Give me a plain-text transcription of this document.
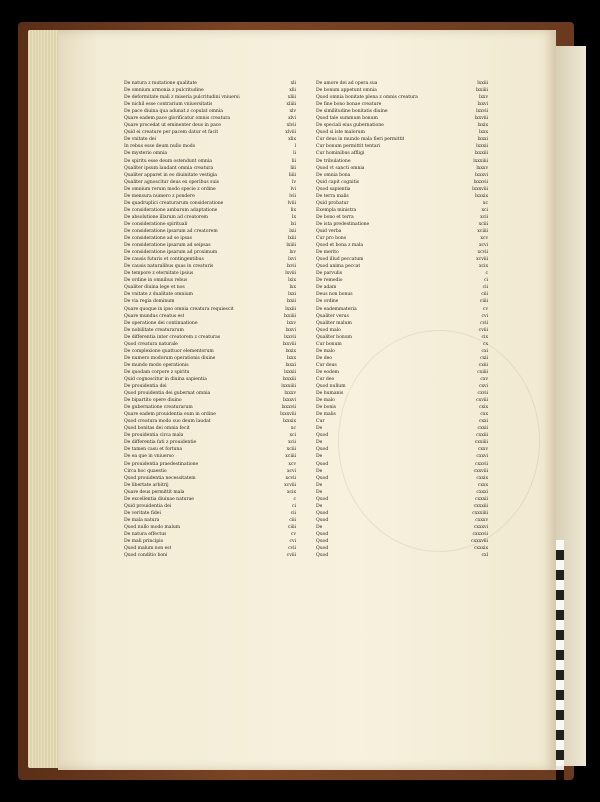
De natura z mutatione qualitate	xli
De omnium armonia z pulcritudine	xlii
De deformitate mali z miseria pulcritudini vniuersi	xliii
De nichil esse contrarium vniuersitatis	xliiii
De pace diuina qua adunat z copulat omnia	xlv
Quare eadem pace glorificatur omnis creatura	xlvi
Quare procedat ut eminenter deus in pace	xlvii
Quid ei creature per pacem datur et facit	xlviii
De vnitate dei	xlix
In rebus esse deum nullo modo	l
De mysterio omnia	li
De spiritu esse deum ostendunt omnia	lii
Qualiter ipsum laudant omnia creatura	liii
Qualiter apparet in eo diuinitate vestigia	liiii
Qualiter agnoscitur deus ex operibus suis	lv
De omnium rerum modo specie z ordine	lvi
De mensura numero z pondere	lvii
De quadruplici creaturarum consideratione	lviii
De consideratione ambarum adaptatione	lix
De absolutione illarum ad creatorem	lx
De consideratione spirituali	lxi
De consideratione ipsarum ad creatorem	lxii
De consideratione ad se ipsas	lxiii
De consideratione ipsarum ad seipsas	lxiiii
De consideratione ipsarum ad proximum	lxv
De causis futuris et contingentibus	lxvi
De causis naturalibus quas in creaturis	lxvii
De tempore z eternitate ipsius	lxviii
De ordine in omnibus rebus	lxix
Qualiter diuina lege et nos	lxx
De vnitate z dualitate omnium	lxxi
De via regia dominum	lxxii
Quare quoque in ipso omnia creatura requiescit	lxxiii
Quare mundus creatus est	lxxiiii
De operatione dei continuatione	lxxv
De nobilitate creaturarum	lxxvi
De differentia inter creatorem z creaturas	lxxvii
Quod creatura naturale	lxxviii
De complexione quattuor elementorum	lxxix
De numero modorum operationis diuine	lxxx
De mundo modo operationis	lxxxi
De quodam corpore z spiritu	lxxxii
Quid cognoscitur in diuina sapientia	lxxxiii
De prouidentia dei	lxxxiiii
Quod prouidentia dei gubernat omnia	lxxxv
De bipartito opere diuino	lxxxvi
De gubernatione creaturarum	lxxxvii
Quare eadem prouidentia eum in ordine	lxxxviii
Quod creatura modo suo deum laudat	lxxxix
Quod bonitas dei omnia fecit	xc
De prouidentia circa mala	xci
De differentia fati z prouidentie	xcii
De tamen casu et fortuna	xciii
De ea que in vniuerso	xciiii
De prouidentia praedestinatione	xcv
Circa hoc quaestio	xcvi
Quod prouidentia necessitatem	xcvii
De libertate arbitrij	xcviii
Quare deus permittit mala	xcix
De excellentia diuinae naturae	c
Quid prouidentia dei	ci
De veritate fidei	cii
De mala natura	ciii
Quod nullo modo malum	ciiii
De natura effectus	cv
De mali principio	cvi
Quod malum non est	cvii
Quod conditio boni	cviii
De amore dei ad opera sua	lxxiii
De bonum appetunt omnia	lxxiiii
Quod omnia bonitate plena z omnis creatura	lxxv
De fine bono bonae creature	lxxvi
De similitudine bonitatis diuine	lxxvii
Quod tale summum bonum	lxxviii
De speciali eius gubernatione	lxxix
Quod si iste malorum	lxxx
Cur deus in mundo mala fieri permittit	lxxxi
Cur bonum permittit tentari	lxxxii
Cur hominibus affligi	lxxxiii
De tribulatione	lxxxiiii
Quod vt sancti omnia	lxxxv
De omnia bona	lxxxvi
Quid capit cognitio	lxxxvii
Quod sapientia	lxxxviii
De terra malis	lxxxix
Quid probatur	xc
Exempla ministra	xci
De bono et terra	xcii
De ista predestinatione	xciii
Quid verba	xciiii
Cur pro bono	xcv
Quod et bona z mala	xcvi
De merito	xcvii
Quod illud peccatum	xcviii
Quod anima peccat	xcix
De parvulis	c
De remedio	ci
De adam	cii
Deus non bonus	ciii
De ordine	ciiii
De eademmateria	cv
Qualiter verus	cvi
Qualiter malum	cvii
Quod malo	cviii
Qualiter bonum	cix
Cur bonum	cx
De malo	cxi
De deo	cxii
Cur deus	cxiii
De eodem	cxiiii
Cur deo	cxv
Quod nullum	cxvi
De humanis	cxvii
De malo	cxviii
De bonis	cxix
De malis	cxx
Cur	cxxi
De	cxxii
Quod	cxxiii
De	cxxiiii
Quod	cxxv
De	cxxvi
Quod	cxxvii
De	cxxviii
Quod	cxxix
De	cxxx
De	cxxxi
Quod	cxxxii
De	cxxxiii
Quod	cxxxiiii
Quod	cxxxv
De	cxxxvi
Quod	cxxxvii
Quod	cxxxviii
Quod	cxxxix
Quod	cxl
